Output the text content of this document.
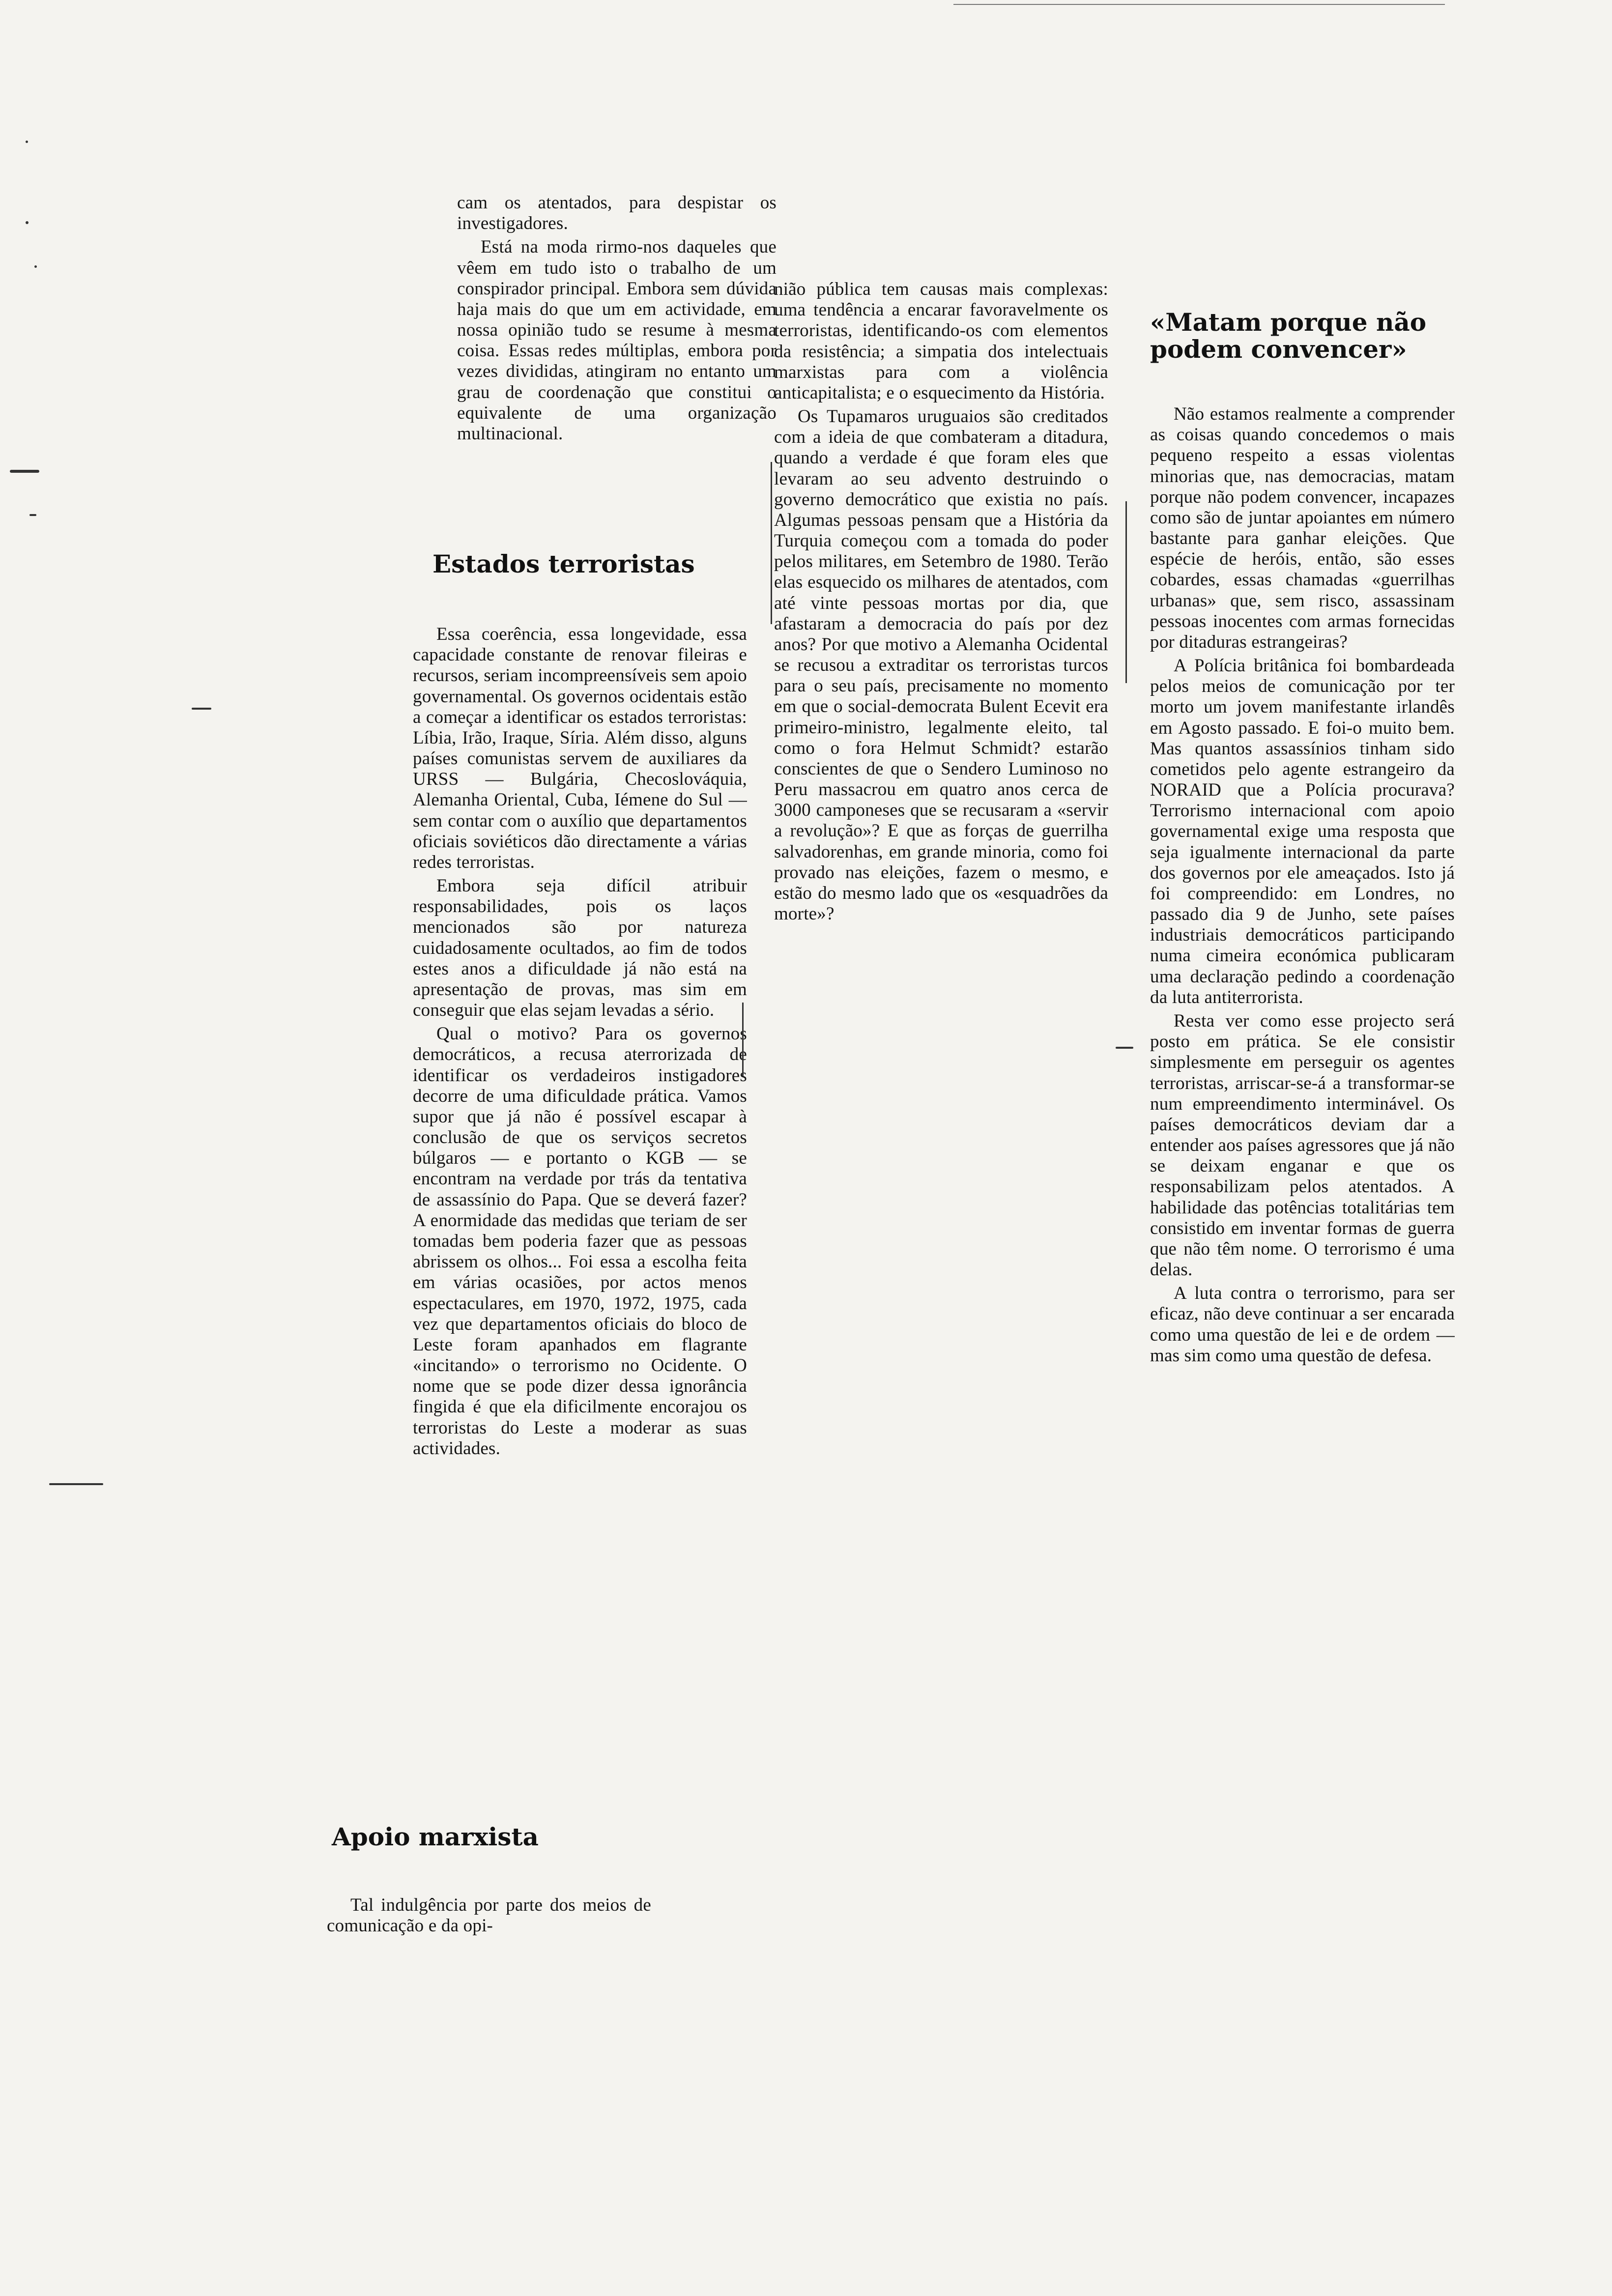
cam os atentados, para despistar os investigadores.

Está na moda rirmo-nos daqueles que vêem em tudo isto o trabalho de um conspirador principal. Embora sem dúvida haja mais do que um em actividade, em nossa opinião tudo se resume à mesma coisa. Essas redes múltiplas, embora por vezes divididas, atingiram no entanto um grau de coordenação que constitui o equivalente de uma organização multinacional.

Estados terroristas

Essa coerência, essa longevidade, essa capacidade constante de renovar fileiras e recursos, seriam incompreensíveis sem apoio governamental. Os governos ocidentais estão a começar a identificar os estados terroristas: Líbia, Irão, Iraque, Síria. Além disso, alguns países comunistas servem de auxiliares da URSS — Bulgária, Checoslováquia, Alemanha Oriental, Cuba, Iémene do Sul — sem contar com o auxílio que departamentos oficiais soviéticos dão directamente a várias redes terroristas.

Embora seja difícil atribuir responsabilidades, pois os laços mencionados são por natureza cuidadosamente ocultados, ao fim de todos estes anos a dificuldade já não está na apresentação de provas, mas sim em conseguir que elas sejam levadas a sério.

Qual o motivo? Para os governos democráticos, a recusa aterrorizada de identificar os verdadeiros instigadores decorre de uma dificuldade prática. Vamos supor que já não é possível escapar à conclusão de que os serviços secretos búlgaros — e portanto o KGB — se encontram na verdade por trás da tentativa de assassínio do Papa. Que se deverá fazer? A enormidade das medidas que teriam de ser tomadas bem poderia fazer que as pessoas abrissem os olhos... Foi essa a escolha feita em várias ocasiões, por actos menos espectaculares, em 1970, 1972, 1975, cada vez que departamentos oficiais do bloco de Leste foram apanhados em flagrante «incitando» o terrorismo no Ocidente. O nome que se pode dizer dessa ignorância fingida é que ela dificilmente encorajou os terroristas do Leste a moderar as suas actividades.

Apoio marxista

Tal indulgência por parte dos meios de comunicação e da opi-

nião pública tem causas mais complexas: uma tendência a encarar favoravelmente os terroristas, identificando-os com elementos da resistência; a simpatia dos intelectuais marxistas para com a violência anticapitalista; e o esquecimento da História.

Os Tupamaros uruguaios são creditados com a ideia de que combateram a ditadura, quando a verdade é que foram eles que levaram ao seu advento destruindo o governo democrático que existia no país. Algumas pessoas pensam que a História da Turquia começou com a tomada do poder pelos militares, em Setembro de 1980. Terão elas esquecido os milhares de atentados, com até vinte pessoas mortas por dia, que afastaram a democracia do país por dez anos? Por que motivo a Alemanha Ocidental se recusou a extraditar os terroristas turcos para o seu país, precisamente no momento em que o social-democrata Bulent Ecevit era primeiro-ministro, legalmente eleito, tal como o fora Helmut Schmidt? estarão conscientes de que o Sendero Luminoso no Peru massacrou em quatro anos cerca de 3000 camponeses que se recusaram a «servir a revolução»? E que as forças de guerrilha salvadorenhas, em grande minoria, como foi provado nas eleições, fazem o mesmo, e estão do mesmo lado que os «esquadrões da morte»?

«Matam porque não podem convencer»

Não estamos realmente a comprender as coisas quando concedemos o mais pequeno respeito a essas violentas minorias que, nas democracias, matam porque não podem convencer, incapazes como são de juntar apoiantes em número bastante para ganhar eleições. Que espécie de heróis, então, são esses cobardes, essas chamadas «guerrilhas urbanas» que, sem risco, assassinam pessoas inocentes com armas fornecidas por ditaduras estrangeiras?

A Polícia britânica foi bombardeada pelos meios de comunicação por ter morto um jovem manifestante irlandês em Agosto passado. E foi-o muito bem. Mas quantos assassínios tinham sido cometidos pelo agente estrangeiro da NORAID que a Polícia procurava? Terrorismo internacional com apoio governamental exige uma resposta que seja igualmente internacional da parte dos governos por ele ameaçados. Isto já foi compreendido: em Londres, no passado dia 9 de Junho, sete países industriais democráticos participando numa cimeira económica publicaram uma declaração pedindo a coordenação da luta antiterrorista.

Resta ver como esse projecto será posto em prática. Se ele consistir simplesmente em perseguir os agentes terroristas, arriscar-se-á a transformar-se num empreendimento interminável. Os países democráticos deviam dar a entender aos países agressores que já não se deixam enganar e que os responsabilizam pelos atentados. A habilidade das potências totalitárias tem consistido em inventar formas de guerra que não têm nome. O terrorismo é uma delas.

A luta contra o terrorismo, para ser eficaz, não deve continuar a ser encarada como uma questão de lei e de ordem — mas sim como uma questão de defesa.
